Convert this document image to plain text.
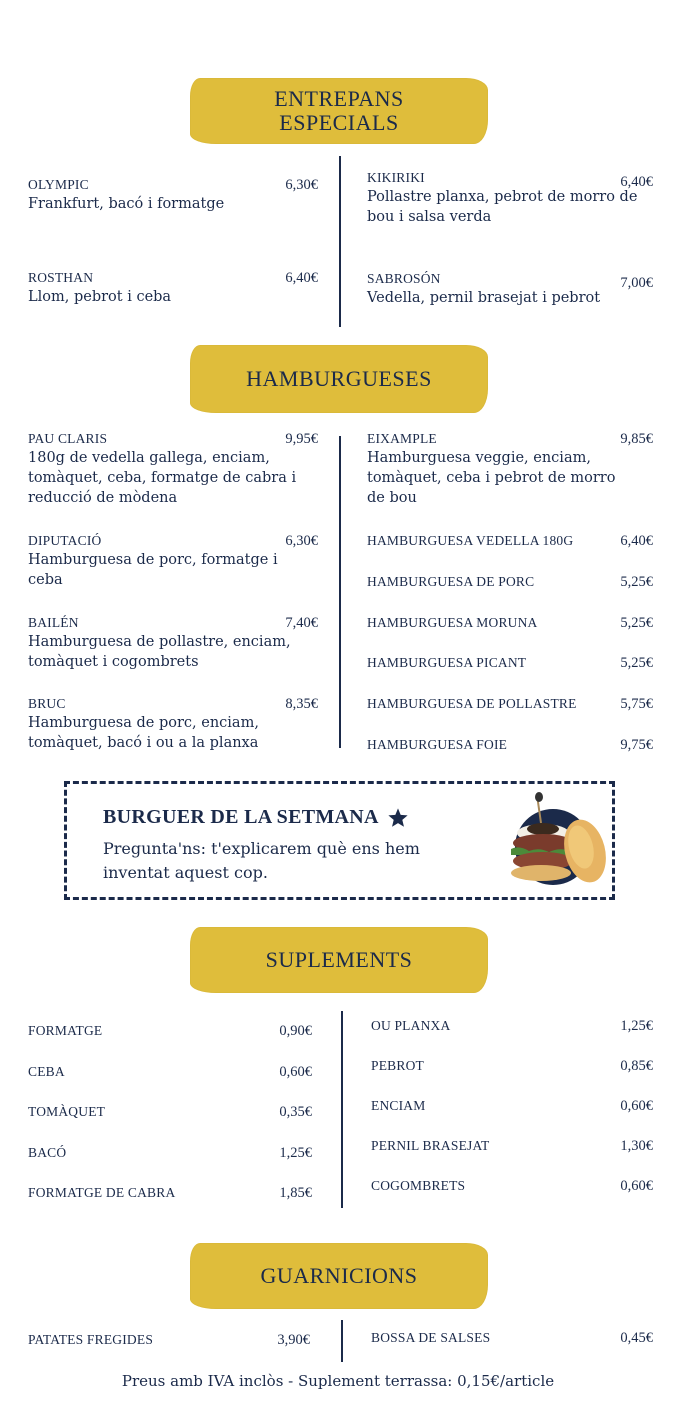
ENTREPANS
ESPECIALS
OLYMPIC	6,30€
Frankfurt, bacó i formatge
KIKIRIKI	6,40€
Pollastre planxa, pebrot de morro de bou i salsa verda
ROSTHAN	6,40€
Llom, pebrot i ceba
SABROSÓN	7,00€
Vedella, pernil brasejat i pebrot
HAMBURGUESES
PAU CLARIS	9,95€
180g de vedella gallega, enciam, tomàquet, ceba, formatge de cabra i reducció de mòdena
DIPUTACIÓ	6,30€
Hamburguesa de porc, formatge i ceba
BAILÉN	7,40€
Hamburguesa de pollastre, enciam, tomàquet i cogombrets
BRUC	8,35€
Hamburguesa de porc, enciam, tomàquet, bacó i ou a la planxa
EIXAMPLE	9,85€
Hamburguesa veggie, enciam, tomàquet, ceba i pebrot de morro de bou
HAMBURGUESA VEDELLA 180G	6,40€
HAMBURGUESA DE PORC	5,25€
HAMBURGUESA MORUNA	5,25€
HAMBURGUESA PICANT	5,25€
HAMBURGUESA DE POLLASTRE	5,75€
HAMBURGUESA FOIE	9,75€
BURGUER DE LA SETMANA
Pregunta'ns: t'explicarem què ens hem inventat aquest cop.
SUPLEMENTS
FORMATGE	0,90€
CEBA	0,60€
TOMÀQUET	0,35€
BACÓ	1,25€
FORMATGE DE CABRA	1,85€
OU PLANXA	1,25€
PEBROT	0,85€
ENCIAM	0,60€
PERNIL BRASEJAT	1,30€
COGOMBRETS	0,60€
GUARNICIONS
PATATES FREGIDES	3,90€	BOSSA DE SALSES	0,45€
Preus amb IVA inclòs - Suplement terrassa: 0,15€/article
